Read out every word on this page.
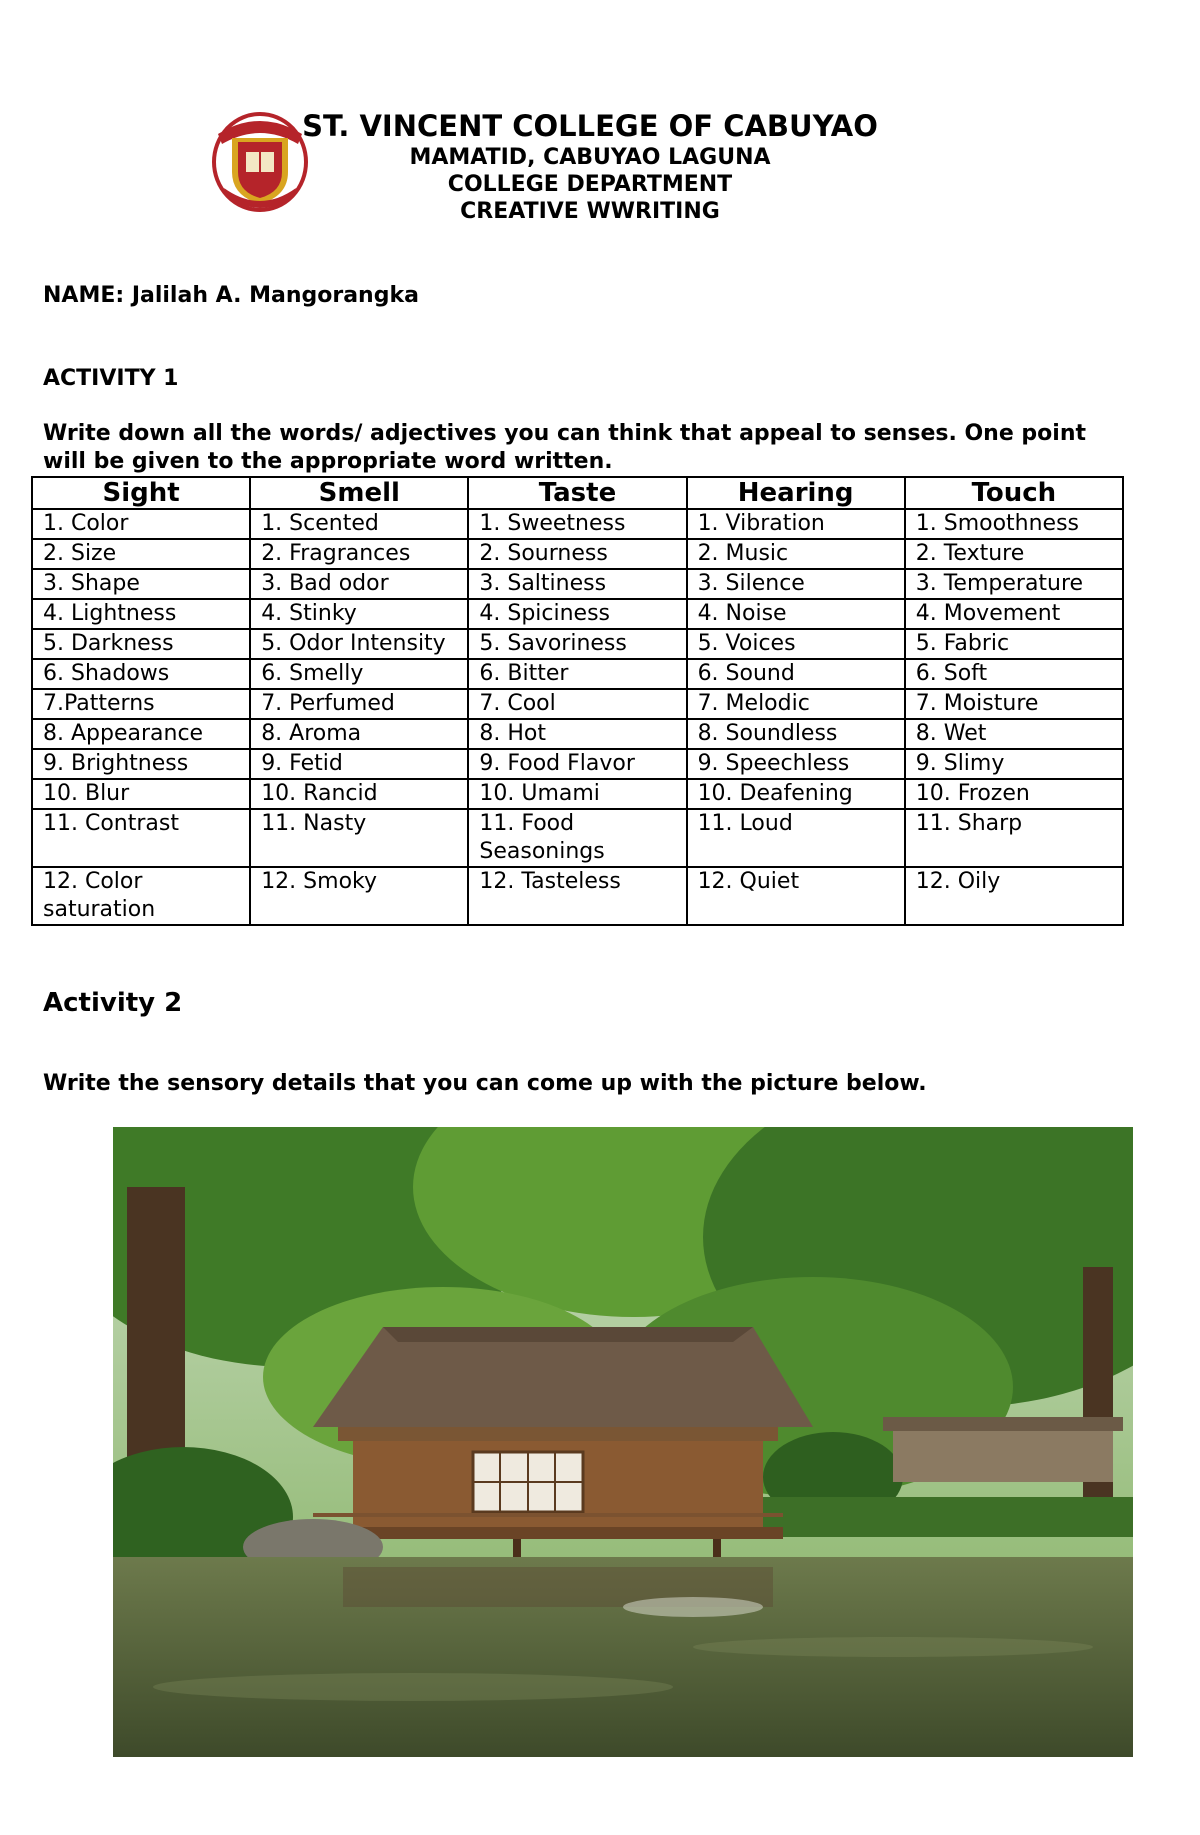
ST. VINCENT COLLEGE OF CABUYAO
MAMATID, CABUYAO LAGUNA
COLLEGE DEPARTMENT
CREATIVE WWRITING
NAME: Jalilah A. Mangorangka
ACTIVITY 1
Write down all the words/ adjectives you can think that appeal to senses. One point will be given to the appropriate word written.
Sight	Smell	Taste	Hearing	Touch
1. Color	1. Scented	1. Sweetness	1. Vibration	1. Smoothness
2. Size	2. Fragrances	2. Sourness	2. Music	2. Texture
3. Shape	3. Bad odor	3. Saltiness	3. Silence	3. Temperature
4. Lightness	4. Stinky	4. Spiciness	4. Noise	4. Movement
5. Darkness	5. Odor Intensity	5. Savoriness	5. Voices	5. Fabric
6. Shadows	6. Smelly	6. Bitter	6. Sound	6. Soft
7.Patterns	7. Perfumed	7. Cool	7. Melodic	7. Moisture
8. Appearance	8. Aroma	8. Hot	8. Soundless	8. Wet
9. Brightness	9. Fetid	9. Food Flavor	9. Speechless	9. Slimy
10. Blur	10. Rancid	10. Umami	10. Deafening	10. Frozen
11. Contrast	11. Nasty	11. Food Seasonings	11. Loud	11. Sharp
12. Color saturation	12. Smoky	12. Tasteless	12. Quiet	12. Oily
Activity 2
Write the sensory details that you can come up with the picture below.
